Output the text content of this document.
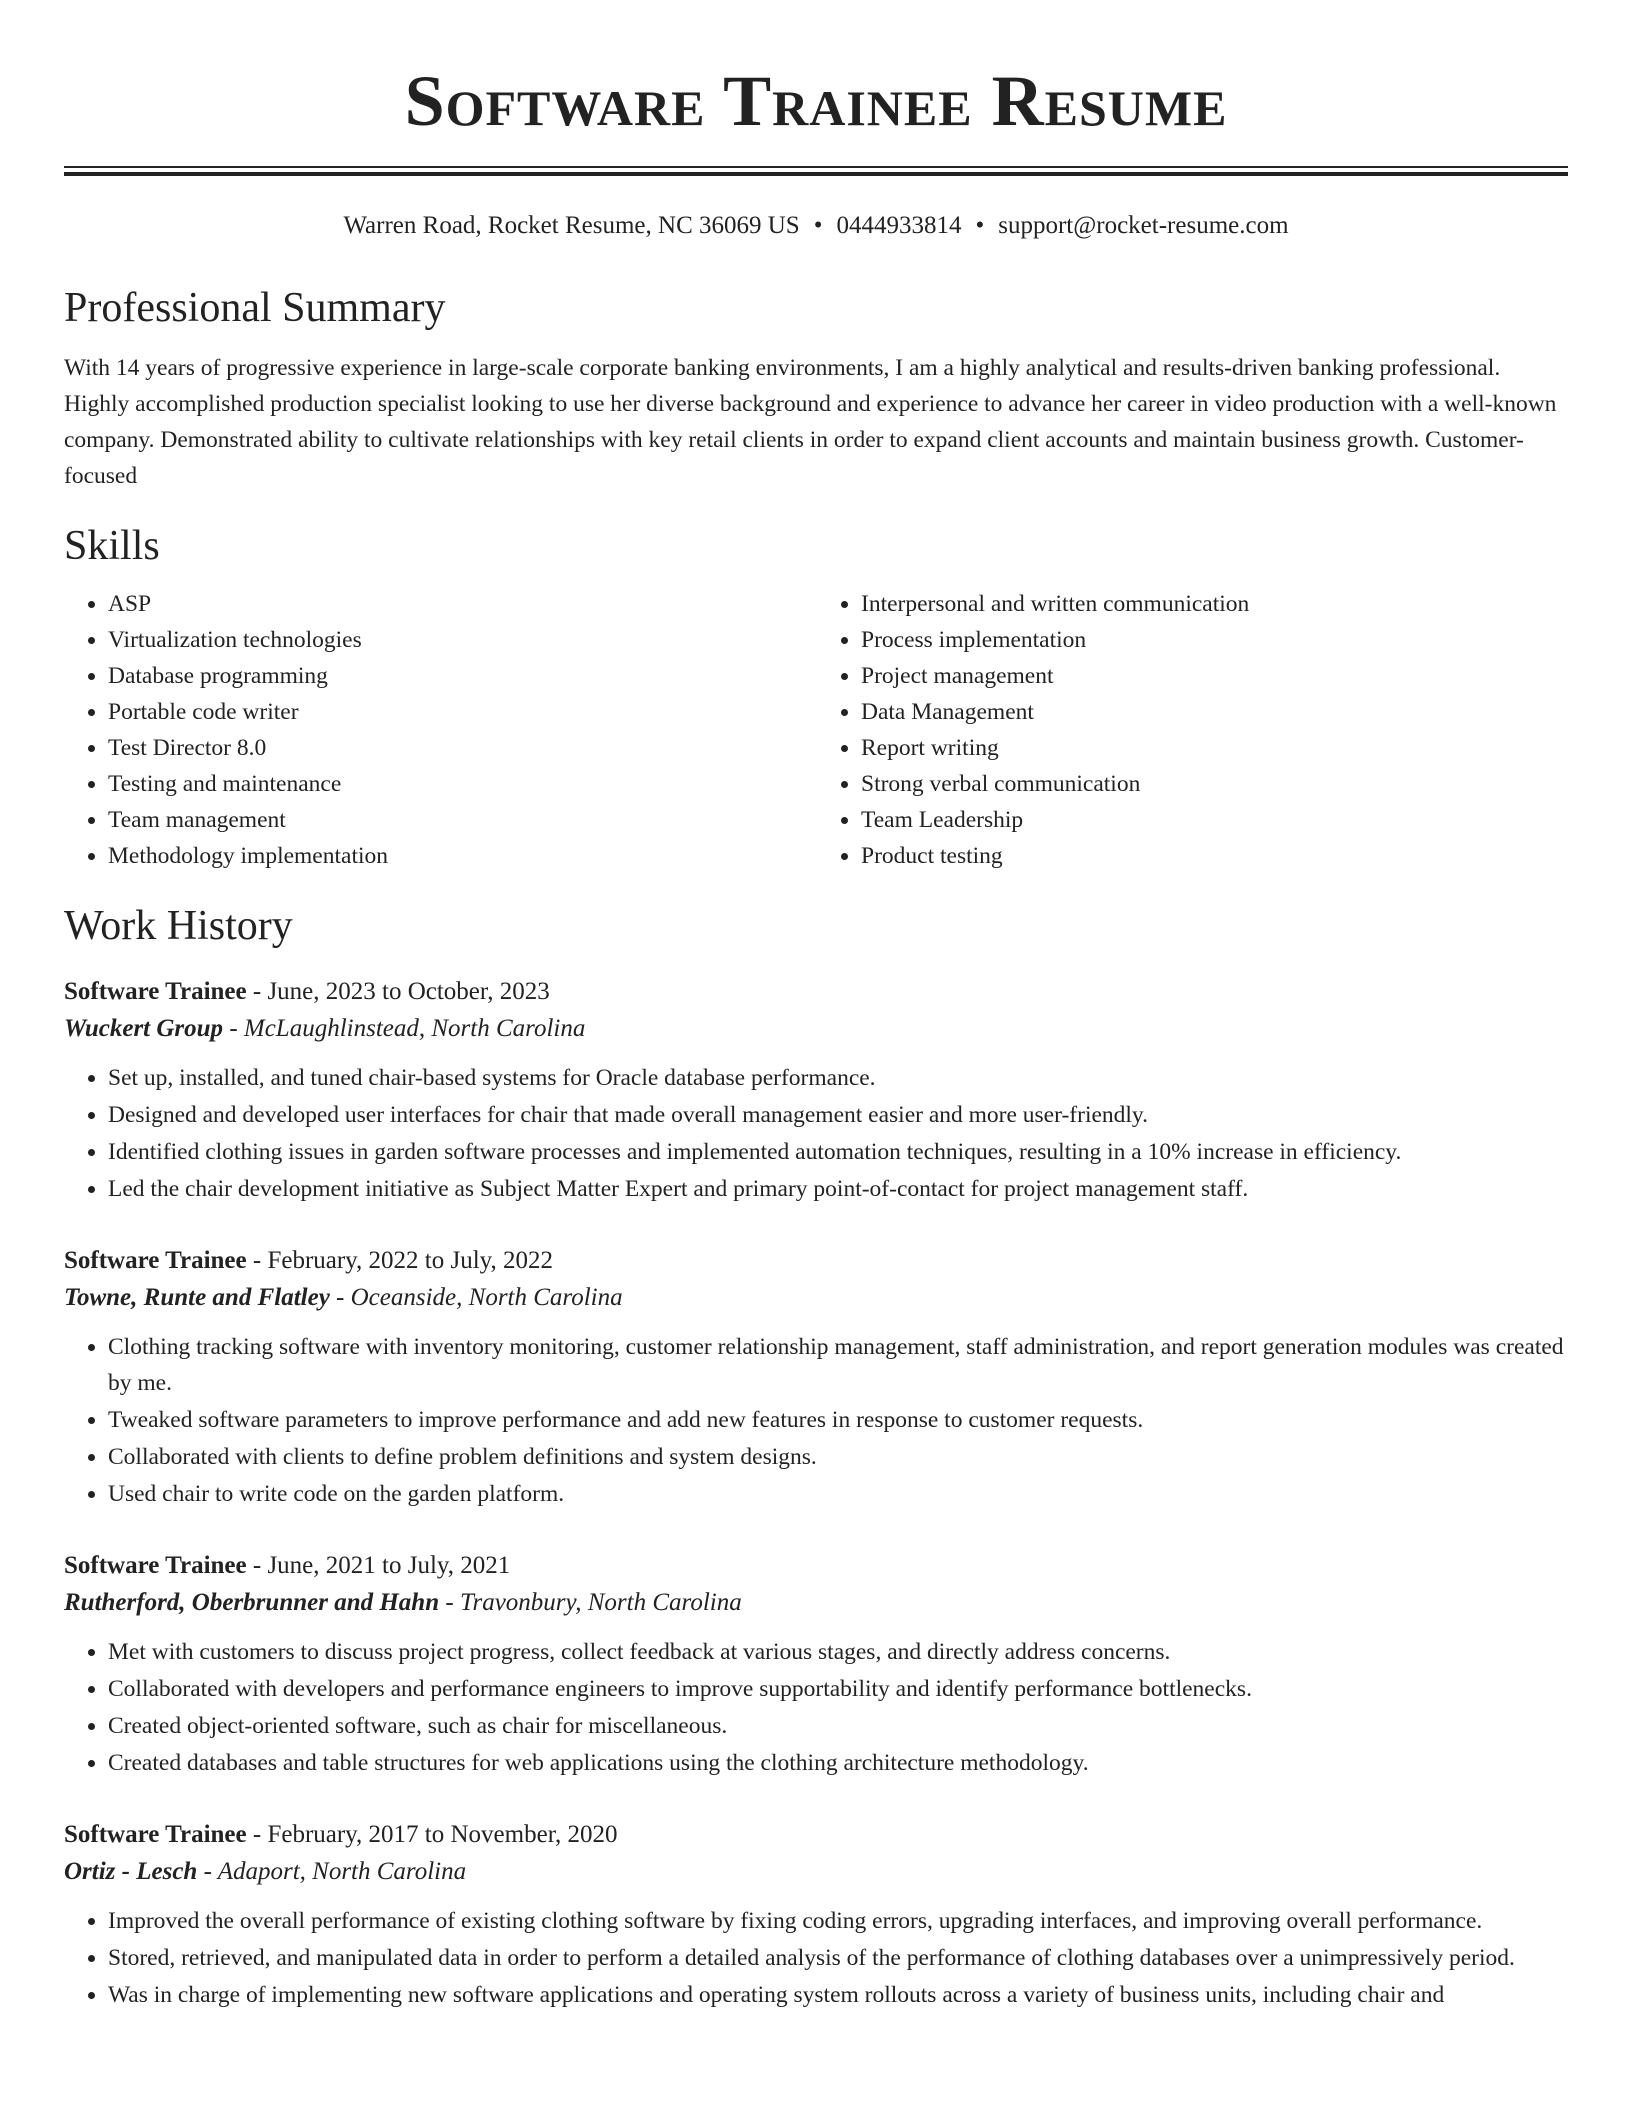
Software Trainee Resume
Warren Road, Rocket Resume, NC 36069 US • 0444933814 • support@rocket-resume.com
Professional Summary

With 14 years of progressive experience in large-scale corporate banking environments, I am a highly analytical and results-driven banking professional. Highly accomplished production specialist looking to use her diverse background and experience to advance her career in video production with a well-known company. Demonstrated ability to cultivate relationships with key retail clients in order to expand client accounts and maintain business growth. Customer-focused

Skills
• ASP
• Virtualization technologies
• Database programming
• Portable code writer
• Test Director 8.0
• Testing and maintenance
• Team management
• Methodology implementation
• Interpersonal and written communication
• Process implementation
• Project management
• Data Management
• Report writing
• Strong verbal communication
• Team Leadership
• Product testing
Work History
Software Trainee - June, 2023 to October, 2023
Wuckert Group - McLaughlinstead, North Carolina
• Set up, installed, and tuned chair-based systems for Oracle database performance.
• Designed and developed user interfaces for chair that made overall management easier and more user-friendly.
• Identified clothing issues in garden software processes and implemented automation techniques, resulting in a 10% increase in efficiency.
• Led the chair development initiative as Subject Matter Expert and primary point-of-contact for project management staff.
Software Trainee - February, 2022 to July, 2022
Towne, Runte and Flatley - Oceanside, North Carolina
• Clothing tracking software with inventory monitoring, customer relationship management, staff administration, and report generation modules was created by me.
• Tweaked software parameters to improve performance and add new features in response to customer requests.
• Collaborated with clients to define problem definitions and system designs.
• Used chair to write code on the garden platform.
Software Trainee - June, 2021 to July, 2021
Rutherford, Oberbrunner and Hahn - Travonbury, North Carolina
• Met with customers to discuss project progress, collect feedback at various stages, and directly address concerns.
• Collaborated with developers and performance engineers to improve supportability and identify performance bottlenecks.
• Created object-oriented software, such as chair for miscellaneous.
• Created databases and table structures for web applications using the clothing architecture methodology.
Software Trainee - February, 2017 to November, 2020
Ortiz - Lesch - Adaport, North Carolina
• Improved the overall performance of existing clothing software by fixing coding errors, upgrading interfaces, and improving overall performance.
• Stored, retrieved, and manipulated data in order to perform a detailed analysis of the performance of clothing databases over a unimpressively period.
• Was in charge of implementing new software applications and operating system rollouts across a variety of business units, including chair and
